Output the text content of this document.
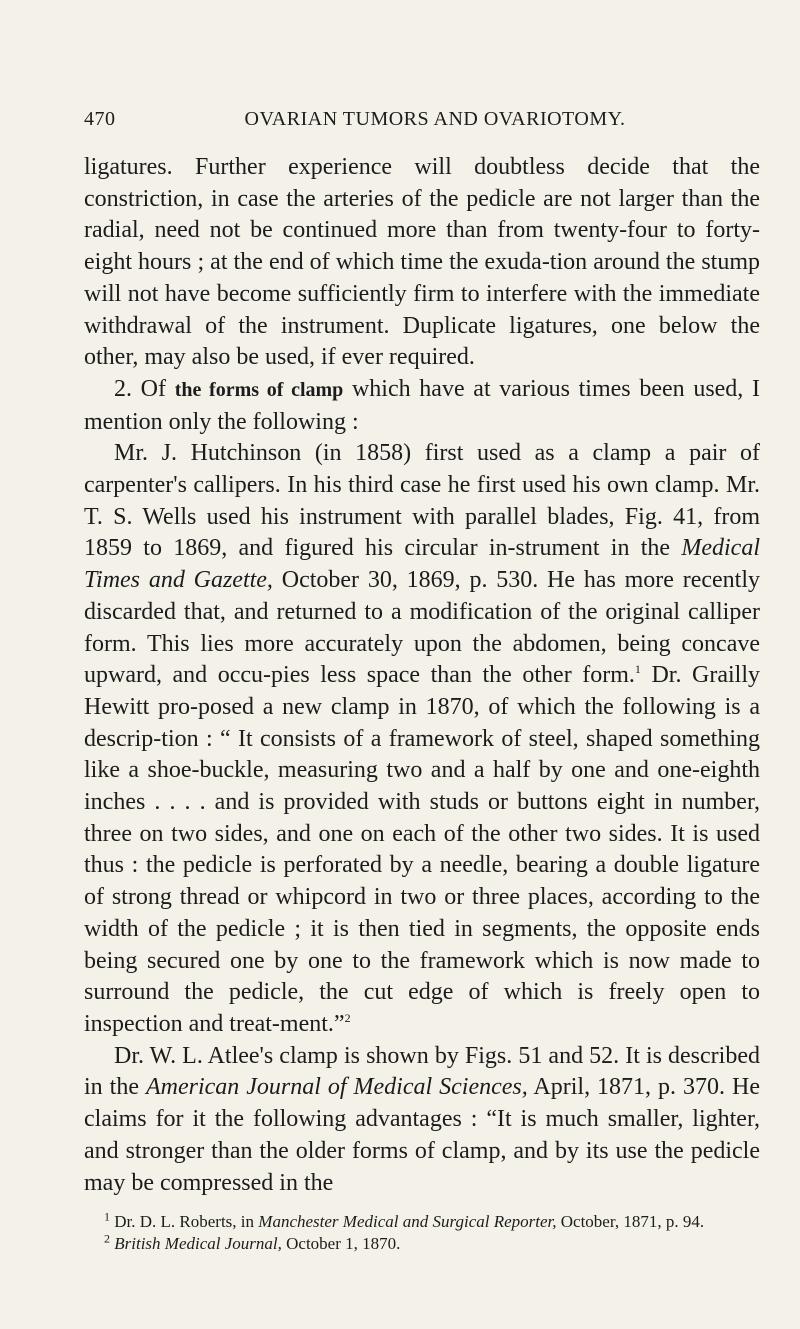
470	OVARIAN TUMORS AND OVARIOTOMY.

ligatures. Further experience will doubtless decide that the constriction, in case the arteries of the pedicle are not larger than the radial, need not be continued more than from twenty-four to forty-eight hours ; at the end of which time the exuda-tion around the stump will not have become sufficiently firm to interfere with the immediate withdrawal of the instrument. Duplicate ligatures, one below the other, may also be used, if ever required.

2. Of the forms of clamp which have at various times been used, I mention only the following :

Mr. J. Hutchinson (in 1858) first used as a clamp a pair of carpenter's callipers. In his third case he first used his own clamp. Mr. T. S. Wells used his instrument with parallel blades, Fig. 41, from 1859 to 1869, and figured his circular in-strument in the Medical Times and Gazette, October 30, 1869, p. 530. He has more recently discarded that, and returned to a modification of the original calliper form. This lies more accurately upon the abdomen, being concave upward, and occu-pies less space than the other form.$^1$ Dr. Grailly Hewitt pro-posed a new clamp in 1870, of which the following is a descrip-tion : “ It consists of a framework of steel, shaped something like a shoe-buckle, measuring two and a half by one and one-eighth inches . . . . and is provided with studs or buttons eight in number, three on two sides, and one on each of the other two sides. It is used thus : the pedicle is perforated by a needle, bearing a double ligature of strong thread or whipcord in two or three places, according to the width of the pedicle ; it is then tied in segments, the opposite ends being secured one by one to the framework which is now made to surround the pedicle, the cut edge of which is freely open to inspection and treat-ment.”$^2$

Dr. W. L. Atlee's clamp is shown by Figs. 51 and 52. It is described in the American Journal of Medical Sciences, April, 1871, p. 370. He claims for it the following advantages : “It is much smaller, lighter, and stronger than the older forms of clamp, and by its use the pedicle may be compressed in the

$^1$ Dr. D. L. Roberts, in Manchester Medical and Surgical Reporter, October, 1871, p. 94.

$^2$ British Medical Journal, October 1, 1870.
